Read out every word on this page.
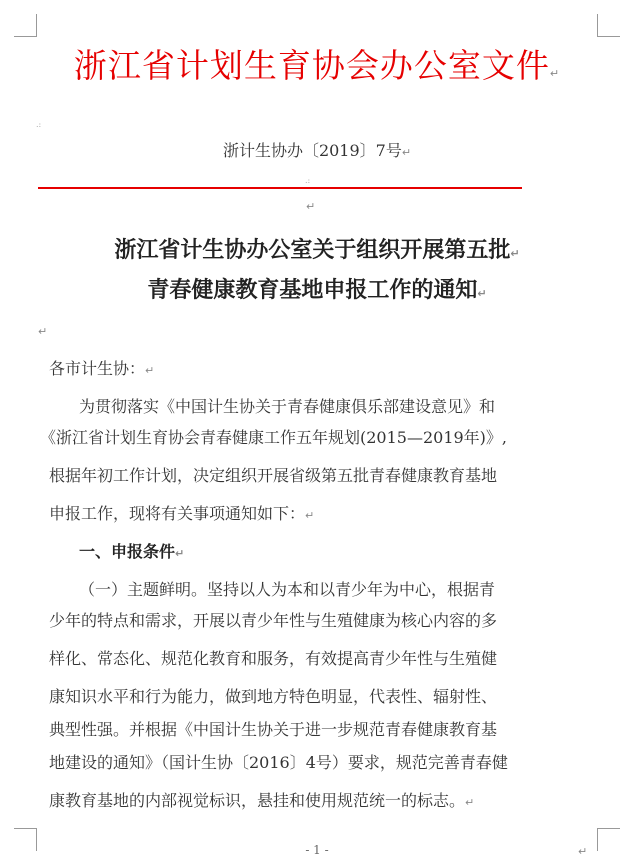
浙江省计划生育协会办公室文件↵
.:
浙计生协办〔2019〕7号↵
.:
↵
浙江省计生协办公室关于组织开展第五批↵
青春健康教育基地申报工作的通知↵
↵
各市计生协：↵
为贯彻落实《中国计生协关于青春健康俱乐部建设意见》和
《浙江省计划生育协会青春健康工作五年规划(2015—2019年)》,
根据年初工作计划，决定组织开展省级第五批青春健康教育基地
申报工作，现将有关事项通知如下：↵
一、申报条件↵
（一）主题鲜明。坚持以人为本和以青少年为中心，根据青
少年的特点和需求，开展以青少年性与生殖健康为核心内容的多
样化、常态化、规范化教育和服务，有效提高青少年性与生殖健
康知识水平和行为能力，做到地方特色明显，代表性、辐射性、
典型性强。并根据《中国计生协关于进一步规范青春健康教育基
地建设的通知》（国计生协〔2016〕4号）要求，规范完善青春健
康教育基地的内部视觉标识，悬挂和使用规范统一的标志。↵
- 1 -	↵
